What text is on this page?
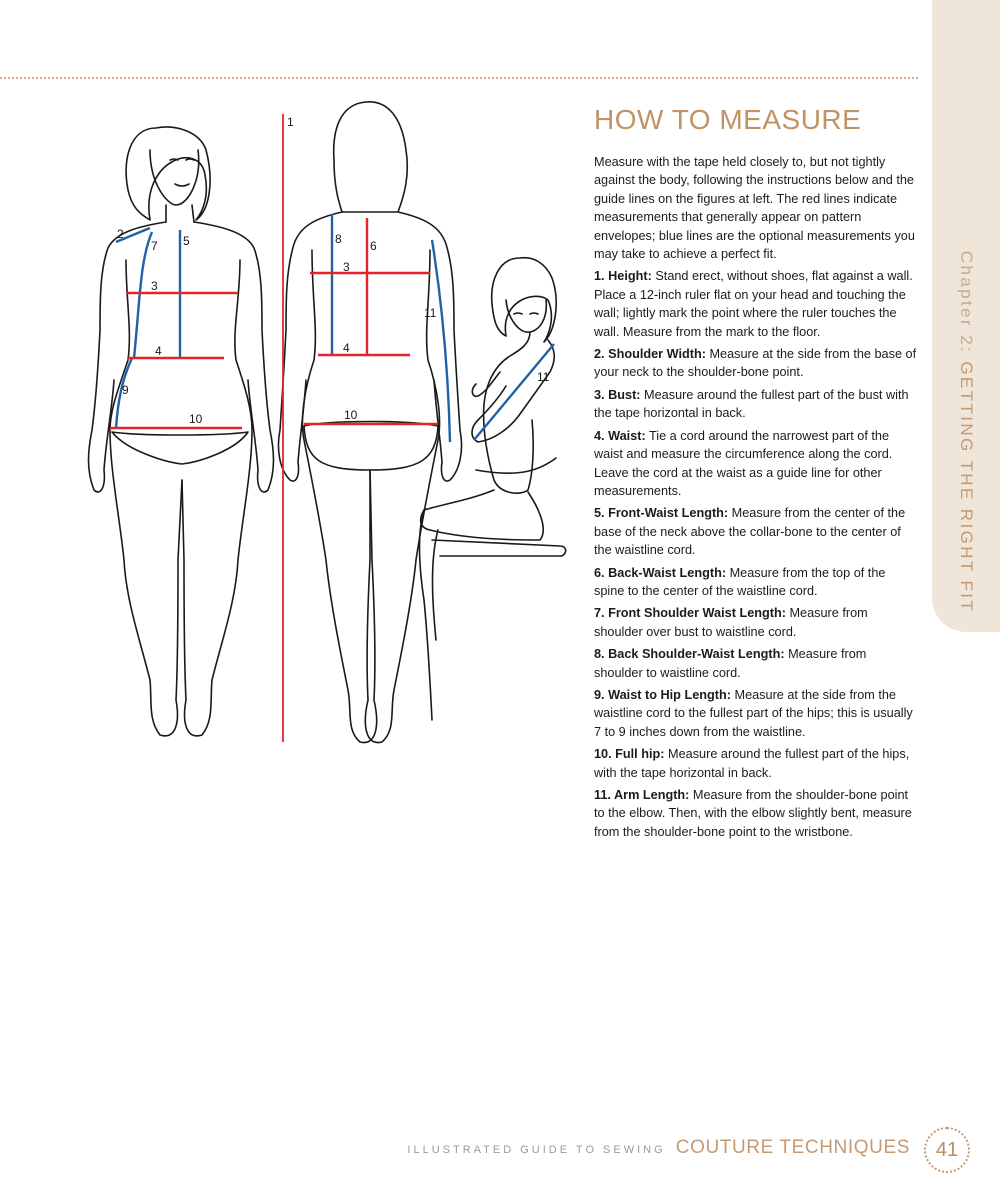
Chapter 2: GETTING THE RIGHT FIT
2
7 5
3
4
9
10
1
8 6
3
11
4
10
11
HOW TO MEASURE

Measure with the tape held closely to, but not tightly against the body, following the instructions below and the guide lines on the figures at left. The red lines indicate measurements that generally appear on pattern envelopes; blue lines are the optional measurements you may take to achieve a perfect fit.

1. Height: Stand erect, without shoes, flat against a wall. Place a 12-inch ruler flat on your head and touching the wall; lightly mark the point where the ruler touches the wall. Measure from the mark to the floor.

2. Shoulder Width: Measure at the side from the base of your neck to the shoulder-bone point.

3. Bust: Measure around the fullest part of the bust with the tape horizontal in back.

4. Waist: Tie a cord around the narrowest part of the waist and measure the circumference along the cord. Leave the cord at the waist as a guide line for other measurements.

5. Front-Waist Length: Measure from the center of the base of the neck above the collar-bone to the center of the waistline cord.

6. Back-Waist Length: Measure from the top of the spine to the center of the waistline cord.

7. Front Shoulder Waist Length: Measure from shoulder over bust to waistline cord.

8. Back Shoulder-Waist Length: Measure from shoulder to waistline cord.

9. Waist to Hip Length: Measure at the side from the waistline cord to the fullest part of the hips; this is usually 7 to 9 inches down from the waistline.

10. Full hip: Measure around the fullest part of the hips, with the tape horizontal in back.

11. Arm Length: Measure from the shoulder-bone point to the elbow. Then, with the elbow slightly bent, measure from the shoulder-bone point to the wristbone.

ILLUSTRATED GUIDE TO SEWING COUTURE TECHNIQUES	41
